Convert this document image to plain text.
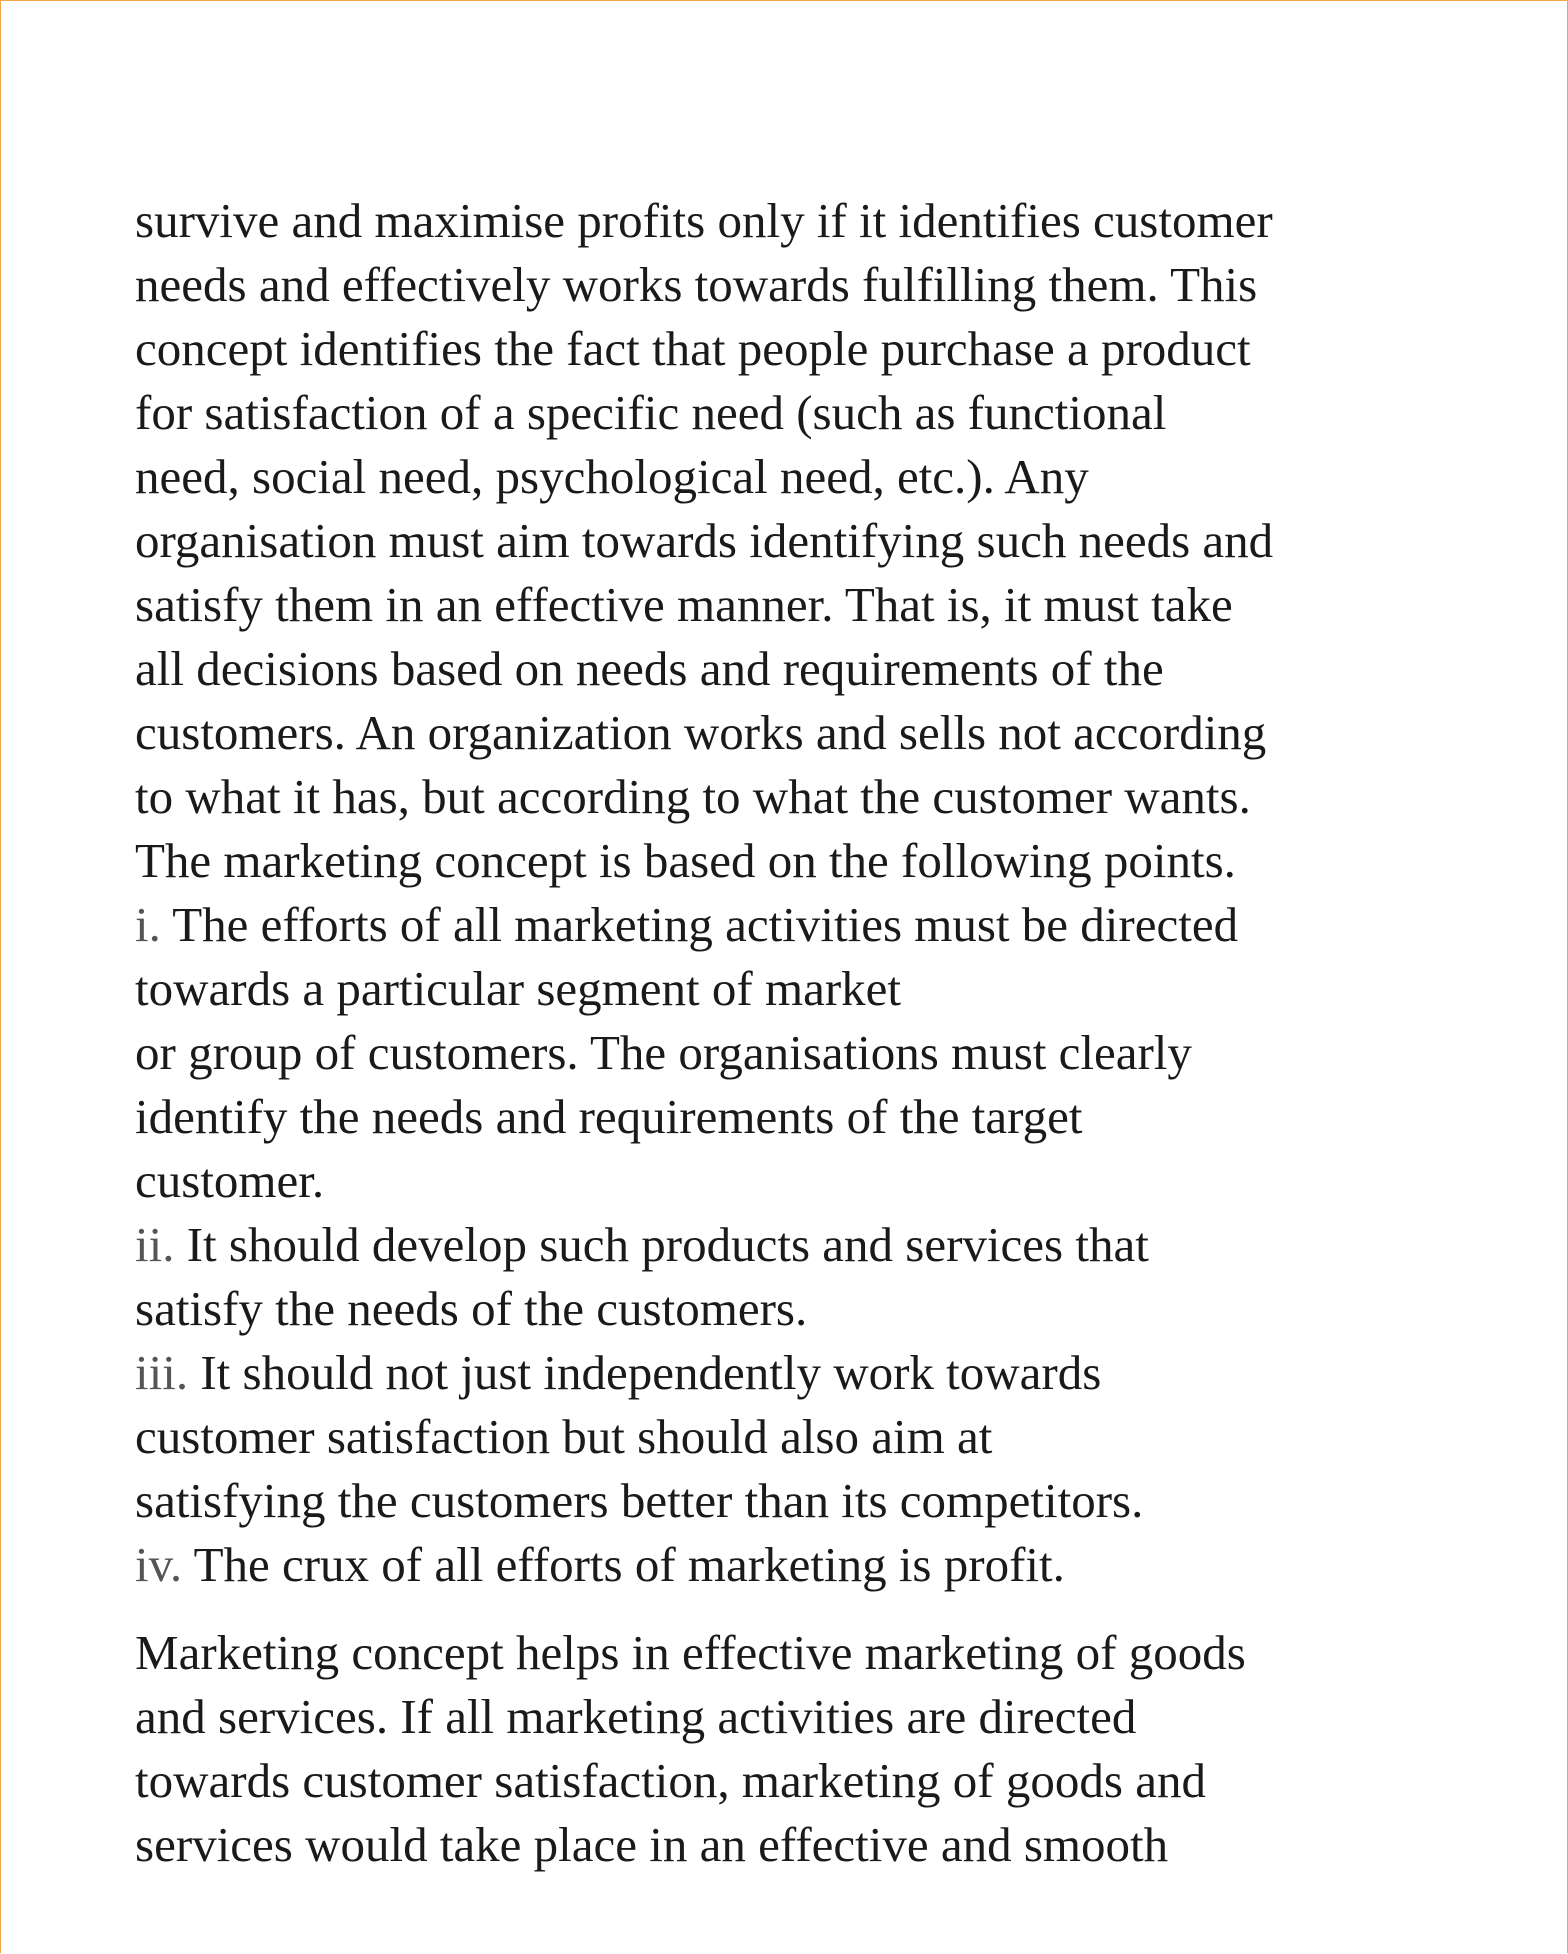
survive and maximise profits only if it identifies customer
needs and effectively works towards fulfilling them. This
concept identifies the fact that people purchase a product
for satisfaction of a specific need (such as functional
need, social need, psychological need, etc.). Any
organisation must aim towards identifying such needs and
satisfy them in an effective manner. That is, it must take
all decisions based on needs and requirements of the
customers. An organization works and sells not according
to what it has, but according to what the customer wants.
The marketing concept is based on the following points.
i. The efforts of all marketing activities must be directed
towards a particular segment of market
or group of customers. The organisations must clearly
identify the needs and requirements of the target
customer.
ii. It should develop such products and services that
satisfy the needs of the customers.
iii. It should not just independently work towards
customer satisfaction but should also aim at
satisfying the customers better than its competitors.
iv. The crux of all efforts of marketing is profit.
Marketing concept helps in effective marketing of goods
and services. If all marketing activities are directed
towards customer satisfaction, marketing of goods and
services would take place in an effective and smooth
